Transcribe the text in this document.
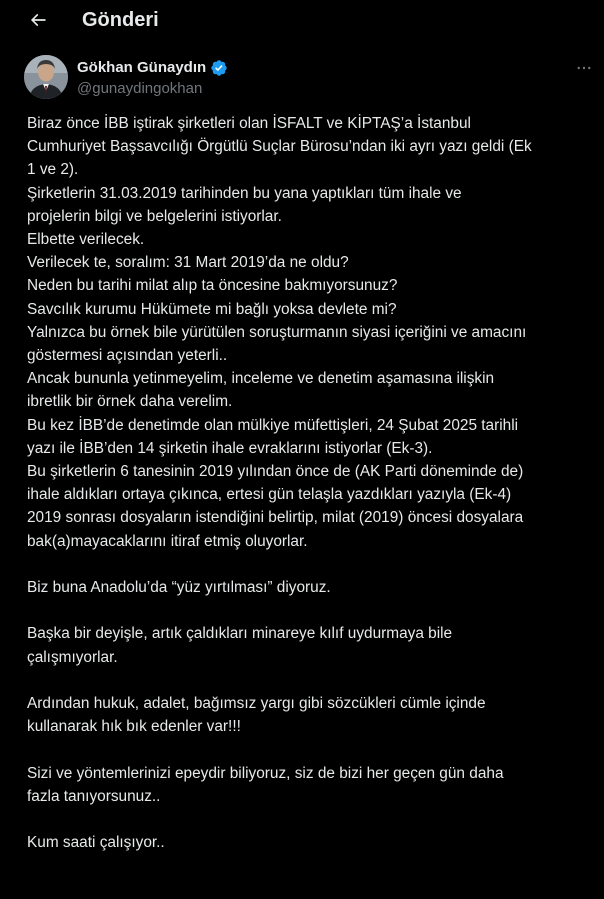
Gönderi
Gökhan Günaydın
@gunaydingokhan
Biraz önce İBB iştirak şirketleri olan İSFALT ve KİPTAŞ’a İstanbul
Cumhuriyet Başsavcılığı Örgütlü Suçlar Bürosu’ndan iki ayrı yazı geldi (Ek
1 ve 2).
Şirketlerin 31.03.2019 tarihinden bu yana yaptıkları tüm ihale ve
projelerin bilgi ve belgelerini istiyorlar.
Elbette verilecek.
Verilecek te, soralım: 31 Mart 2019’da ne oldu?
Neden bu tarihi milat alıp ta öncesine bakmıyorsunuz?
Savcılık kurumu Hükümete mi bağlı yoksa devlete mi?
Yalnızca bu örnek bile yürütülen soruşturmanın siyasi içeriğini ve amacını
göstermesi açısından yeterli..
Ancak bununla yetinmeyelim, inceleme ve denetim aşamasına ilişkin
ibretlik bir örnek daha verelim.
Bu kez İBB’de denetimde olan mülkiye müfettişleri, 24 Şubat 2025 tarihli
yazı ile İBB’den 14 şirketin ihale evraklarını istiyorlar (Ek-3).
Bu şirketlerin 6 tanesinin 2019 yılından önce de (AK Parti döneminde de)
ihale aldıkları ortaya çıkınca, ertesi gün telaşla yazdıkları yazıyla (Ek-4)
2019 sonrası dosyaların istendiğini belirtip, milat (2019) öncesi dosyalara
bak(a)mayacaklarını itiraf etmiş oluyorlar.
Biz buna Anadolu’da “yüz yırtılması” diyoruz.
Başka bir deyişle, artık çaldıkları minareye kılıf uydurmaya bile
çalışmıyorlar.
Ardından hukuk, adalet, bağımsız yargı gibi sözcükleri cümle içinde
kullanarak hık bık edenler var!!!
Sizi ve yöntemlerinizi epeydir biliyoruz, siz de bizi her geçen gün daha
fazla tanıyorsunuz..
Kum saati çalışıyor..
